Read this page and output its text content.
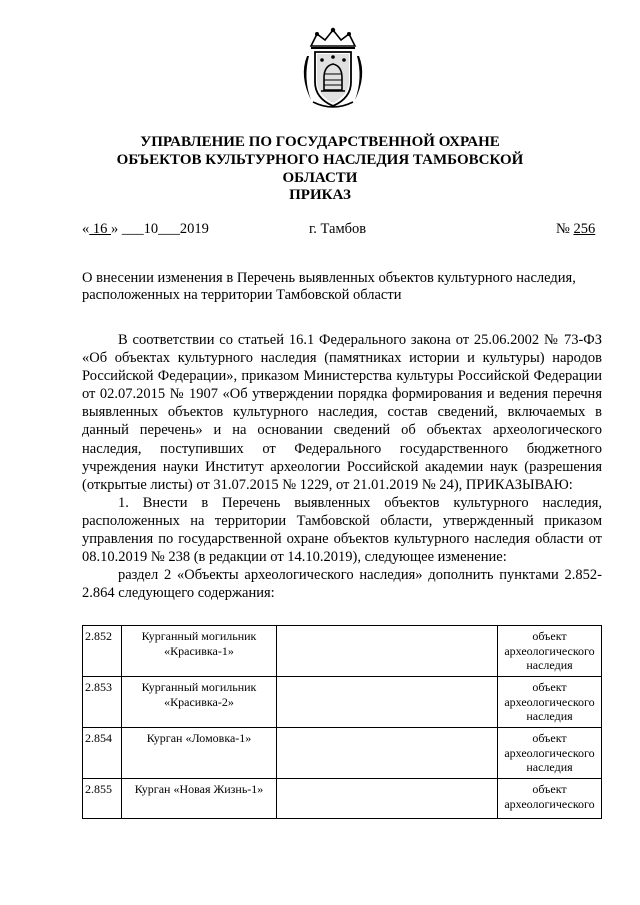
УПРАВЛЕНИЕ ПО ГОСУДАРСТВЕННОЙ ОХРАНЕ ОБЪЕКТОВ КУЛЬТУРНОГО НАСЛЕДИЯ ТАМБОВСКОЙ ОБЛАСТИ
ПРИКАЗ
« 16 » ___10___2019	г. Тамбов	№ 256
О внесении изменения в Перечень выявленных объектов культурного наследия, расположенных на территории Тамбовской области

В соответствии со статьей 16.1 Федерального закона от 25.06.2002 № 73-ФЗ «Об объектах культурного наследия (памятниках истории и культуры) народов Российской Федерации», приказом Министерства культуры Российской Федерации от 02.07.2015 № 1907 «Об утверждении порядка формирования и ведения перечня выявленных объектов культурного наследия, состав сведений, включаемых в данный перечень» и на основании сведений об объектах археологического наследия, поступивших от Федерального государственного бюджетного учреждения науки Институт археологии Российской академии наук (разрешения (открытые листы) от 31.07.2015 № 1229, от 21.01.2019 № 24), ПРИКАЗЫВАЮ:

1. Внести в Перечень выявленных объектов культурного наследия, расположенных на территории Тамбовской области, утвержденный приказом управления по государственной охране объектов культурного наследия области от 08.10.2019 № 238 (в редакции от 14.10.2019), следующее изменение:

раздел 2 «Объекты археологического наследия» дополнить пунктами 2.852-2.864 следующего содержания:

2.852	Курганный могильник «Красивка-1»		объект археологического наследия
2.853	Курганный могильник «Красивка-2»		объект археологического наследия
2.854	Курган «Ломовка-1»		объект археологического наследия
2.855	Курган «Новая Жизнь-1»		объект археологического
